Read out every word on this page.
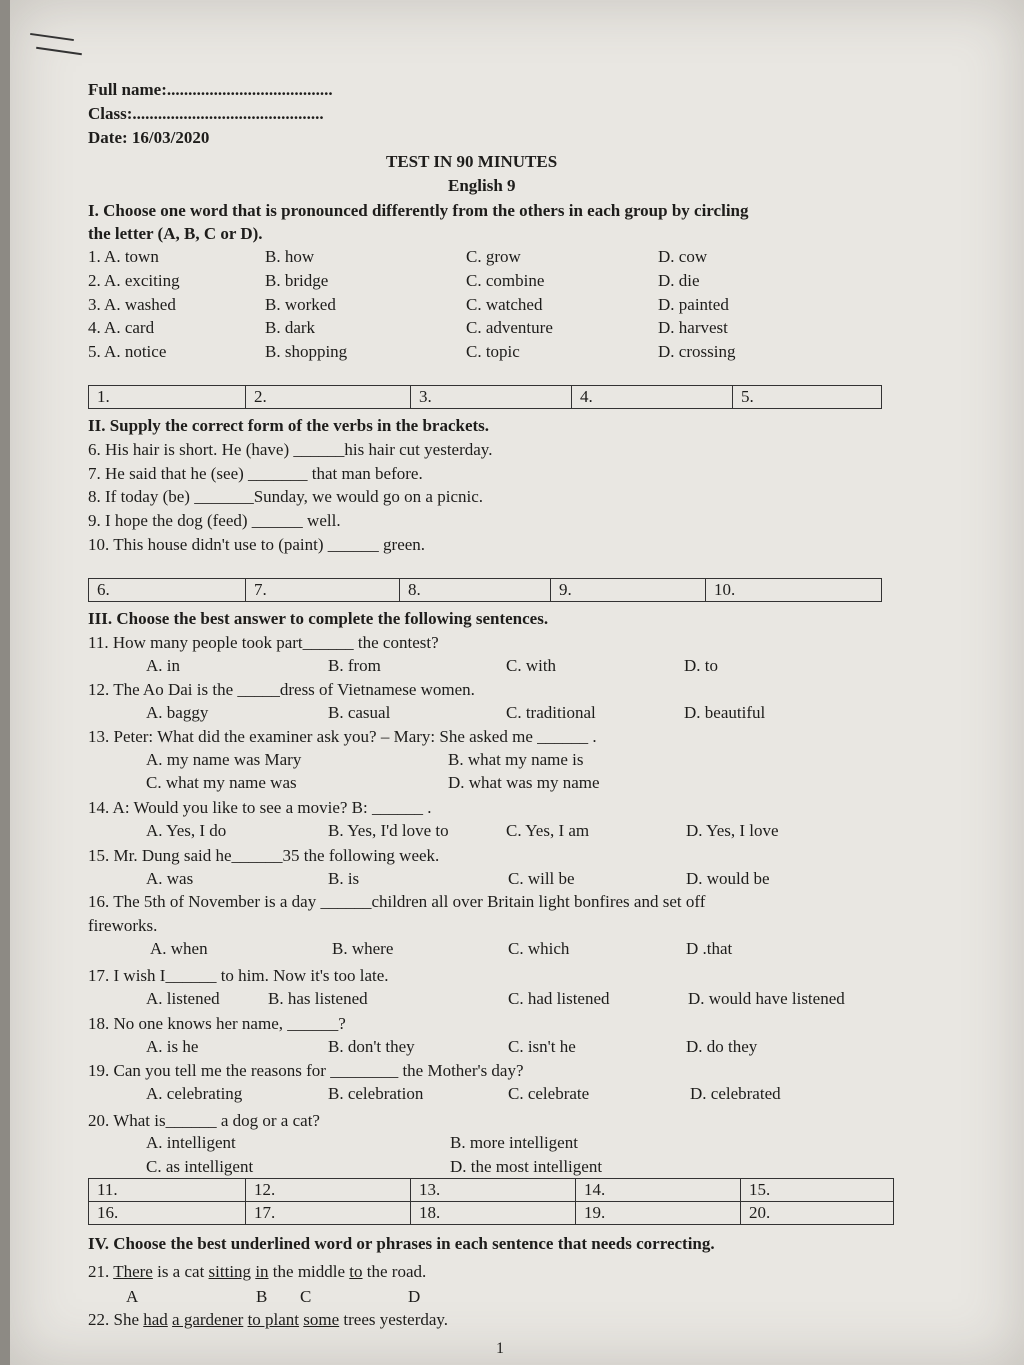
Full name:.......................................
Class:.............................................
Date: 16/03/2020
TEST IN 90 MINUTES
English 9
I. Choose one word that is pronounced differently from the others in each group by circling
the letter (A, B, C or D).
1. A. town	B. how	C. grow	D. cow
2. A. exciting	B. bridge	C. combine	D. die
3. A. washed	B. worked	C. watched	D. painted
4. A. card	B. dark	C. adventure	D. harvest
5. A. notice	B. shopping	C. topic	D. crossing
1.	2.	3.	4.	5.
II. Supply the correct form of the verbs in the brackets.
6. His hair is short. He (have) ______his hair cut yesterday.
7. He said that he (see) _______ that man before.
8. If today (be) _______Sunday, we would go on a picnic.
9. I hope the dog (feed) ______ well.
10. This house didn't use to (paint) ______ green.
6.	7.	8.	9.	10.
III. Choose the best answer to complete the following sentences.
11. How many people took part______ the contest?
A. in	B. from	C. with	D. to
12. The Ao Dai is the _____dress of Vietnamese women.
A. baggy	B. casual	C. traditional	D. beautiful
13. Peter: What did the examiner ask you? – Mary: She asked me ______ .
A. my name was Mary	B. what my name is
C. what my name was	D. what was my name
14. A: Would you like to see a movie? B: ______ .
A. Yes, I do	B. Yes, I'd love to	C. Yes, I am	D. Yes, I love
15. Mr. Dung said he______35 the following week.
A. was	B. is	C. will be	D. would be
16. The 5th of November is a day ______children all over Britain light bonfires and set off
fireworks.
A. when	B. where	C. which	D .that
17. I wish I______ to him. Now it's too late.
A. listened	B. has listened	C. had listened	D. would have listened
18. No one knows her name, ______?
A. is he	B. don't they	C. isn't he	D. do they
19. Can you tell me the reasons for ________ the Mother's day?
A. celebrating	B. celebration	C. celebrate	D. celebrated
20. What is______ a dog or a cat?
A. intelligent	B. more intelligent
C. as intelligent	D. the most intelligent
11.	12.	13.	14.	15.
16.	17.	18.	19.	20.
IV. Choose the best underlined word or phrases in each sentence that needs correcting.
21. There is a cat sitting in the middle to the road.
A	B C	D
22. She had a gardener to plant some trees yesterday.
1
